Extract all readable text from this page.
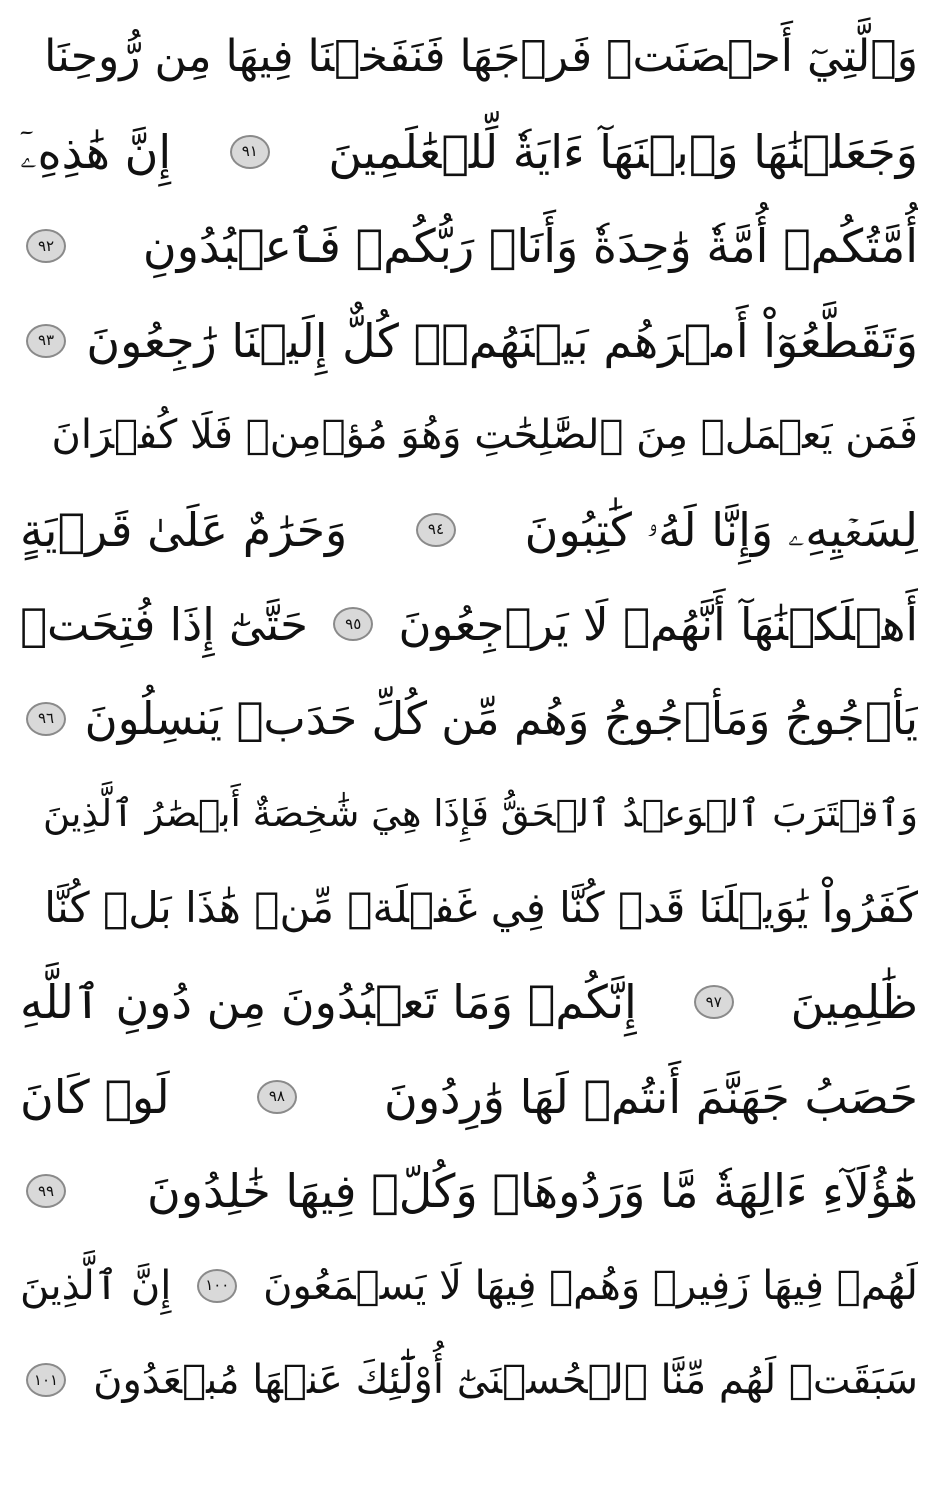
وَٱلَّتِيٓ أَحۡصَنَتۡ فَرۡجَهَا فَنَفَخۡنَا فِيهَا مِن رُّوحِنَا
وَجَعَلۡنَٰهَا وَٱبۡنَهَآ ءَايَةٗ لِّلۡعَٰلَمِينَ
٩١
إِنَّ هَٰذِهِۦٓ
أُمَّتُكُمۡ أُمَّةٗ وَٰحِدَةٗ وَأَنَا۠ رَبُّكُمۡ فَٱعۡبُدُونِ
٩٢
وَتَقَطَّعُوٓاْ أَمۡرَهُم بَيۡنَهُمۡۖ كُلٌّ إِلَيۡنَا رَٰجِعُونَ
٩٣
فَمَن يَعۡمَلۡ مِنَ ٱلصَّٰلِحَٰتِ وَهُوَ مُؤۡمِنٞ فَلَا كُفۡرَانَ
لِسَعۡيِهِۦ وَإِنَّا لَهُۥ كَٰتِبُونَ
٩٤
وَحَرَٰمٌ عَلَىٰ قَرۡيَةٍ
أَهۡلَكۡنَٰهَآ أَنَّهُمۡ لَا يَرۡجِعُونَ
٩٥
حَتَّىٰٓ إِذَا فُتِحَتۡ
يَأۡجُوجُ وَمَأۡجُوجُ وَهُم مِّن كُلِّ حَدَبٖ يَنسِلُونَ
٩٦
وَٱقۡتَرَبَ ٱلۡوَعۡدُ ٱلۡحَقُّ فَإِذَا هِيَ شَٰخِصَةٌ أَبۡصَٰرُ ٱلَّذِينَ
كَفَرُواْ يَٰوَيۡلَنَا قَدۡ كُنَّا فِي غَفۡلَةٖ مِّنۡ هَٰذَا بَلۡ كُنَّا
ظَٰلِمِينَ
٩٧
إِنَّكُمۡ وَمَا تَعۡبُدُونَ مِن دُونِ ٱللَّهِ
حَصَبُ جَهَنَّمَ أَنتُمۡ لَهَا وَٰرِدُونَ
٩٨
لَوۡ كَانَ
هَٰٓؤُلَآءِ ءَالِهَةٗ مَّا وَرَدُوهَاۖ وَكُلّٞ فِيهَا خَٰلِدُونَ
٩٩
لَهُمۡ فِيهَا زَفِيرٞ وَهُمۡ فِيهَا لَا يَسۡمَعُونَ
١٠٠
إِنَّ ٱلَّذِينَ
سَبَقَتۡ لَهُم مِّنَّا ٱلۡحُسۡنَىٰٓ أُوْلَٰٓئِكَ عَنۡهَا مُبۡعَدُونَ
١٠١
